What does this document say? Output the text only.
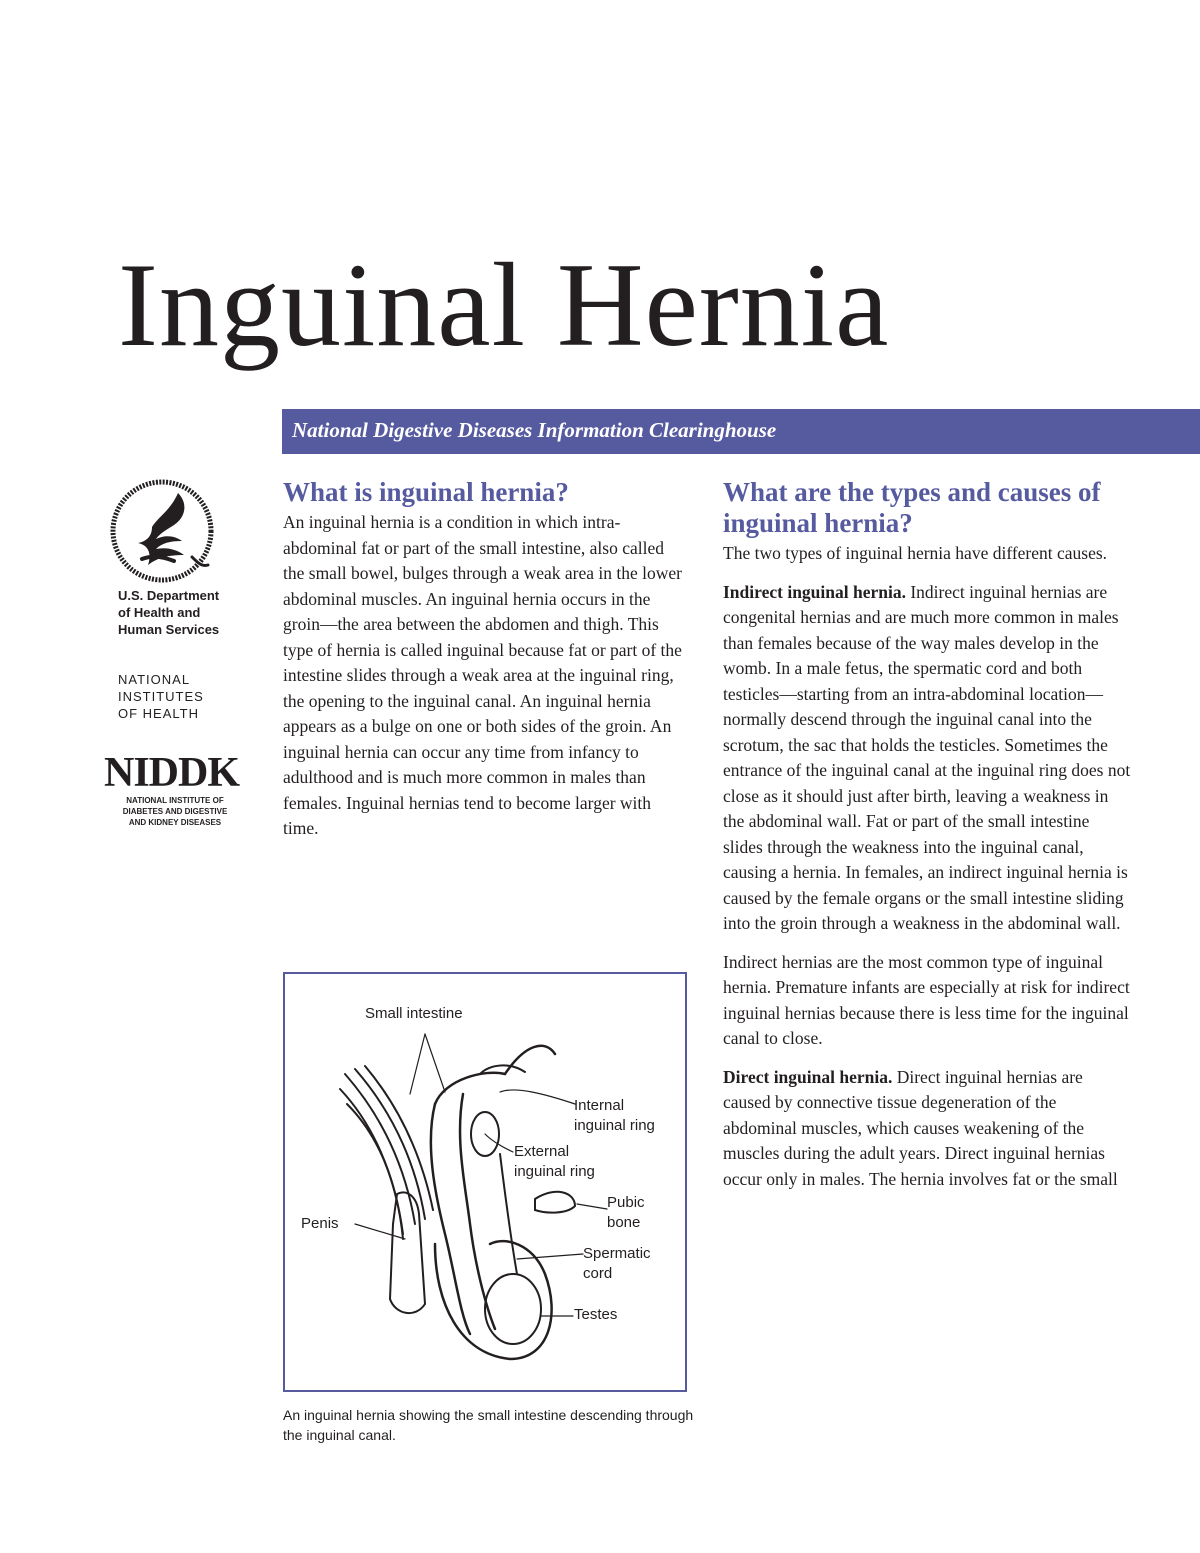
Inguinal Hernia
National Digestive Diseases Information Clearinghouse

U.S. Department
of Health and
Human Services

NATIONAL
INSTITUTES
OF HEALTH

NIDDK

NATIONAL INSTITUTE OF
DIABETES AND DIGESTIVE
AND KIDNEY DISEASES

What is inguinal hernia?

An inguinal hernia is a condition in which intra-abdominal fat or part of the small intestine, also called the small bowel, bulges through a weak area in the lower abdominal muscles. An inguinal hernia occurs in the groin—the area between the abdomen and thigh. This type of hernia is called inguinal because fat or part of the intestine slides through a weak area at the inguinal ring, the opening to the inguinal canal. An inguinal hernia appears as a bulge on one or both sides of the groin. An inguinal hernia can occur any time from infancy to adulthood and is much more common in males than females. Inguinal hernias tend to become larger with time.

Small intestine
Internal
inguinal ring
External
inguinal ring
Pubic
bone
Penis
Spermatic
cord
Testes

An inguinal hernia showing the small intestine descending through the inguinal canal.

What are the types and causes of inguinal hernia?

The two types of inguinal hernia have different causes.

Indirect inguinal hernia. Indirect inguinal hernias are congenital hernias and are much more common in males than females because of the way males develop in the womb. In a male fetus, the spermatic cord and both testicles—starting from an intra-abdominal location—normally descend through the inguinal canal into the scrotum, the sac that holds the testicles. Sometimes the entrance of the inguinal canal at the inguinal ring does not close as it should just after birth, leaving a weakness in the abdominal wall. Fat or part of the small intestine slides through the weakness into the inguinal canal, causing a hernia. In females, an indirect inguinal hernia is caused by the female organs or the small intestine sliding into the groin through a weakness in the abdominal wall.

Indirect hernias are the most common type of inguinal hernia. Premature infants are especially at risk for indirect inguinal hernias because there is less time for the inguinal canal to close.

Direct inguinal hernia. Direct inguinal hernias are caused by connective tissue degeneration of the abdominal muscles, which causes weakening of the muscles during the adult years. Direct inguinal hernias occur only in males. The hernia involves fat or the small
